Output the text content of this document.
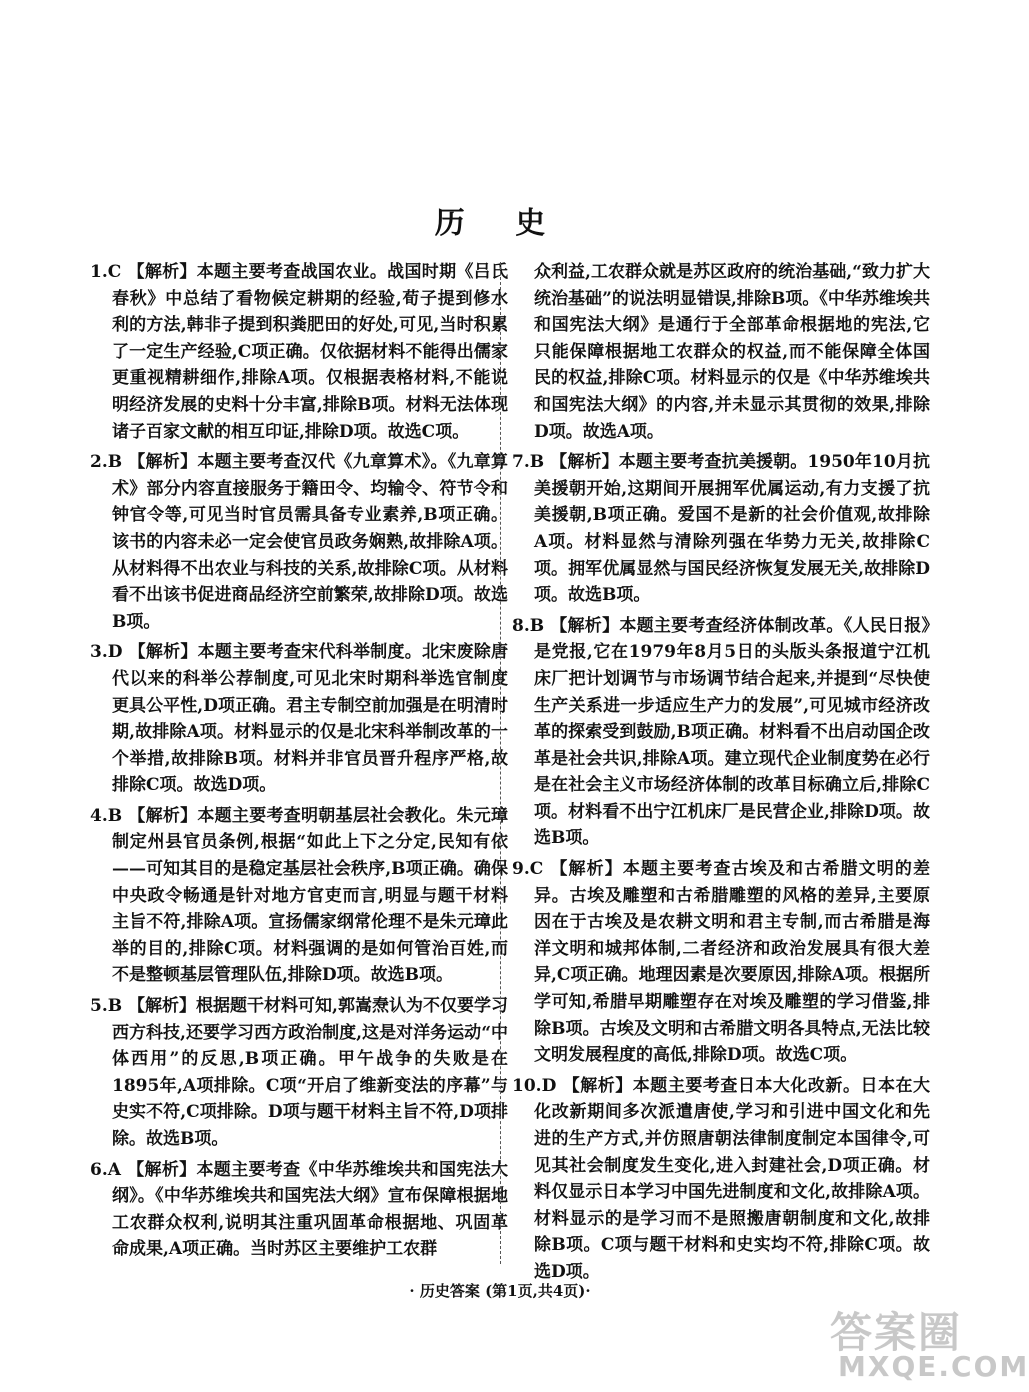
历 史

1.C 【解析】本题主要考查战国农业。战国时期《吕氏春秋》中总结了看物候定耕期的经验,荀子提到修水利的方法,韩非子提到积粪肥田的好处,可见,当时积累了一定生产经验,C项正确。仅依据材料不能得出儒家更重视精耕细作,排除A项。仅根据表格材料,不能说明经济发展的史料十分丰富,排除B项。材料无法体现诸子百家文献的相互印证,排除D项。故选C项。

2.B 【解析】本题主要考查汉代《九章算术》。《九章算术》部分内容直接服务于籍田令、均输令、符节令和钟官令等,可见当时官员需具备专业素养,B项正确。该书的内容未必一定会使官员政务娴熟,故排除A项。从材料得不出农业与科技的关系,故排除C项。从材料看不出该书促进商品经济空前繁荣,故排除D项。故选B项。

3.D 【解析】本题主要考查宋代科举制度。北宋废除唐代以来的科举公荐制度,可见北宋时期科举选官制度更具公平性,D项正确。君主专制空前加强是在明清时期,故排除A项。材料显示的仅是北宋科举制改革的一个举措,故排除B项。材料并非官员晋升程序严格,故排除C项。故选D项。

4.B 【解析】本题主要考查明朝基层社会教化。朱元璋制定州县官员条例,根据“如此上下之分定,民知有依——可知其目的是稳定基层社会秩序,B项正确。确保中央政令畅通是针对地方官吏而言,明显与题干材料主旨不符,排除A项。宣扬儒家纲常伦理不是朱元璋此举的目的,排除C项。材料强调的是如何管治百姓,而不是整顿基层管理队伍,排除D项。故选B项。

5.B 【解析】根据题干材料可知,郭嵩焘认为不仅要学习西方科技,还要学习西方政治制度,这是对洋务运动“中体西用”的反思,B项正确。甲午战争的失败是在1895年,A项排除。C项“开启了维新变法的序幕”与史实不符,C项排除。D项与题干材料主旨不符,D项排除。故选B项。

6.A 【解析】本题主要考查《中华苏维埃共和国宪法大纲》。《中华苏维埃共和国宪法大纲》宣布保障根据地工农群众权利,说明其注重巩固革命根据地、巩固革命成果,A项正确。当时苏区主要维护工农群

众利益,工农群众就是苏区政府的统治基础,“致力扩大统治基础”的说法明显错误,排除B项。《中华苏维埃共和国宪法大纲》是通行于全部革命根据地的宪法,它只能保障根据地工农群众的权益,而不能保障全体国民的权益,排除C项。材料显示的仅是《中华苏维埃共和国宪法大纲》的内容,并未显示其贯彻的效果,排除D项。故选A项。

7.B 【解析】本题主要考查抗美援朝。1950年10月抗美援朝开始,这期间开展拥军优属运动,有力支援了抗美援朝,B项正确。爱国不是新的社会价值观,故排除A项。材料显然与清除列强在华势力无关,故排除C项。拥军优属显然与国民经济恢复发展无关,故排除D项。故选B项。

8.B 【解析】本题主要考查经济体制改革。《人民日报》是党报,它在1979年8月5日的头版头条报道宁江机床厂把计划调节与市场调节结合起来,并提到“尽快使生产关系进一步适应生产力的发展”,可见城市经济改革的探索受到鼓励,B项正确。材料看不出启动国企改革是社会共识,排除A项。建立现代企业制度势在必行是在社会主义市场经济体制的改革目标确立后,排除C项。材料看不出宁江机床厂是民营企业,排除D项。故选B项。

9.C 【解析】本题主要考查古埃及和古希腊文明的差异。古埃及雕塑和古希腊雕塑的风格的差异,主要原因在于古埃及是农耕文明和君主专制,而古希腊是海洋文明和城邦体制,二者经济和政治发展具有很大差异,C项正确。地理因素是次要原因,排除A项。根据所学可知,希腊早期雕塑存在对埃及雕塑的学习借鉴,排除B项。古埃及文明和古希腊文明各具特点,无法比较文明发展程度的高低,排除D项。故选C项。

10.D 【解析】本题主要考查日本大化改新。日本在大化改新期间多次派遣唐使,学习和引进中国文化和先进的生产方式,并仿照唐朝法律制度制定本国律令,可见其社会制度发生变化,进入封建社会,D项正确。材料仅显示日本学习中国先进制度和文化,故排除A项。材料显示的是学习而不是照搬唐朝制度和文化,故排除B项。C项与题干材料和史实均不符,排除C项。故选D项。

· 历史答案 (第1页,共4页)·
答案圈
MXQE.COM
